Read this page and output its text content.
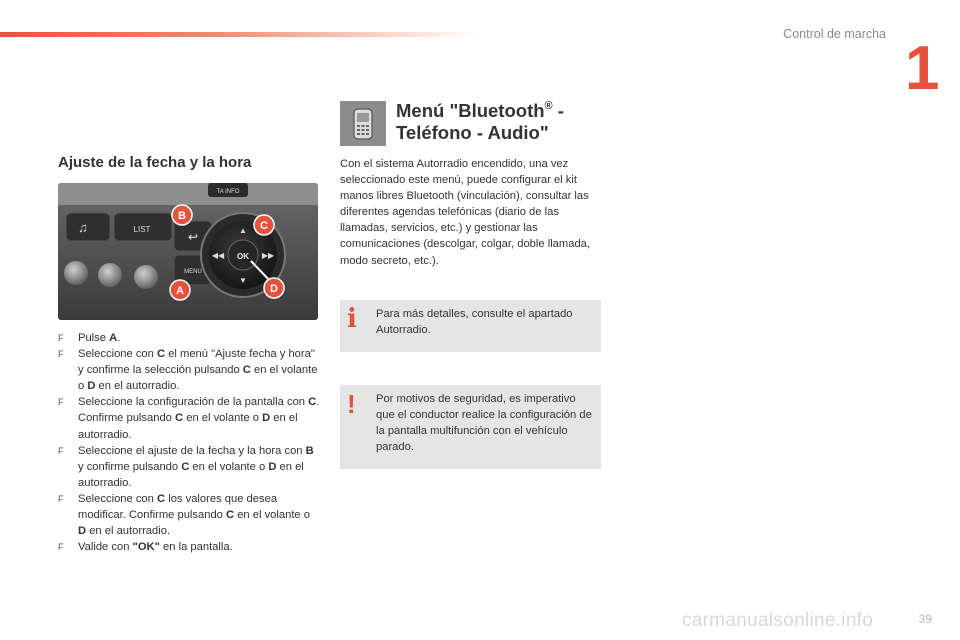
Control de marcha 1
Ajuste de la fecha y la hora
TA INFO
♫	LIST
↩
MENU
OK
▲
▼
◀◀	▶▶
B
C
A	D
F Pulse A.
F Seleccione con C el menú "Ajuste fecha y hora" y confirme la selección pulsando C en el volante o D en el autorradio.
F Seleccione la configuración de la pantalla con C. Confirme pulsando C en el volante o D en el autorradio.
F Seleccione el ajuste de la fecha y la hora con B y confirme pulsando C en el volante o D en el autorradio.
F Seleccione con C los valores que desea modificar. Confirme pulsando C en el volante o D en el autorradio.
F Valide con "OK" en la pantalla.
Menú "Bluetooth® -
Teléfono - Audio"

Con el sistema Autorradio encendido, una vez seleccionado este menú, puede configurar el kit manos libres Bluetooth (vinculación), consultar las diferentes agendas telefónicas (diario de las llamadas, servicios, etc.) y gestionar las comunicaciones (descolgar, colgar, doble llamada, modo secreto, etc.).

i Para más detalles, consulte el apartado Autorradio.
! Por motivos de seguridad, es imperativo que el conductor realice la configuración de la pantalla multifunción con el vehículo parado.
carmanualsonline.info	39
